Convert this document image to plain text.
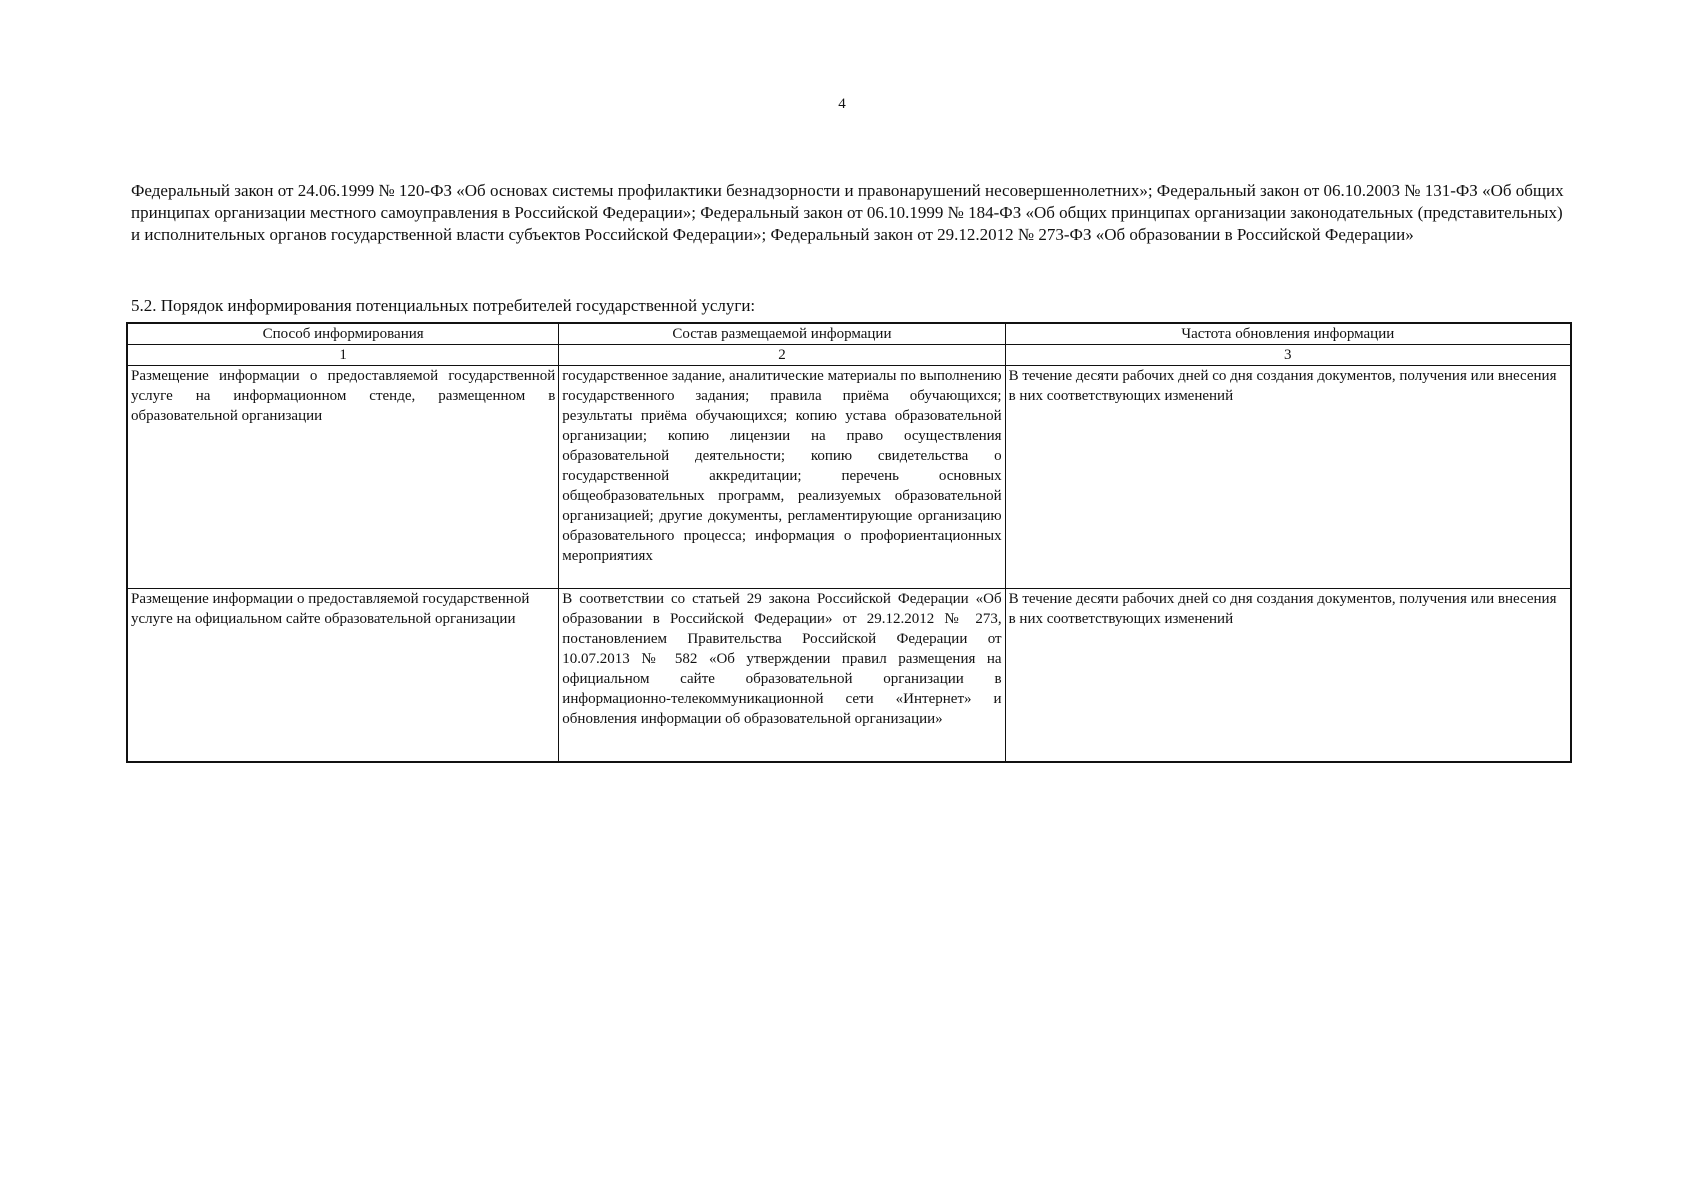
4
Федеральный закон от 24.06.1999 № 120-ФЗ «Об основах системы профилактики безнадзорности и правонарушений несовершеннолетних»; Федеральный закон от 06.10.2003 № 131-ФЗ «Об общих принципах организации местного самоуправления в Российской Федерации»; Федеральный закон от 06.10.1999 № 184-ФЗ «Об общих принципах организации законодательных (представительных) и исполнительных органов государственной власти субъектов Российской Федерации»; Федеральный закон от 29.12.2012 № 273-ФЗ «Об образовании в Российской Федерации»
5.2. Порядок информирования потенциальных потребителей государственной услуги:
Способ информирования	Состав размещаемой информации	Частота обновления информации
1	2	3
Размещение информации о предоставляемой государственной услуге на информационном стенде, размещенном в образовательной организации	государственное задание, аналитические материалы по выполнению государственного задания; правила приёма обучающихся; результаты приёма обучающихся; копию устава образовательной организации; копию лицензии на право осуществления образовательной деятельности; копию свидетельства о государственной аккредитации; перечень основных общеобразовательных программ, реализуемых образовательной организацией; другие документы, регламентирующие организацию образовательного процесса; информация о профориентационных мероприятиях	В течение десяти рабочих дней со дня создания документов, получения или внесения в них соответствующих изменений
Размещение информации о предоставляемой государственной услуге на официальном сайте образовательной организации	В соответствии со статьей 29 закона Российской Федерации «Об образовании в Российской Федерации» от 29.12.2012 № 273, постановлением Правительства Российской Федерации от 10.07.2013 № 582 «Об утверждении правил размещения на официальном сайте образовательной организации в информационно-телекоммуникационной сети «Интернет» и обновления информации об образовательной организации»	В течение десяти рабочих дней со дня создания документов, получения или внесения в них соответствующих изменений
